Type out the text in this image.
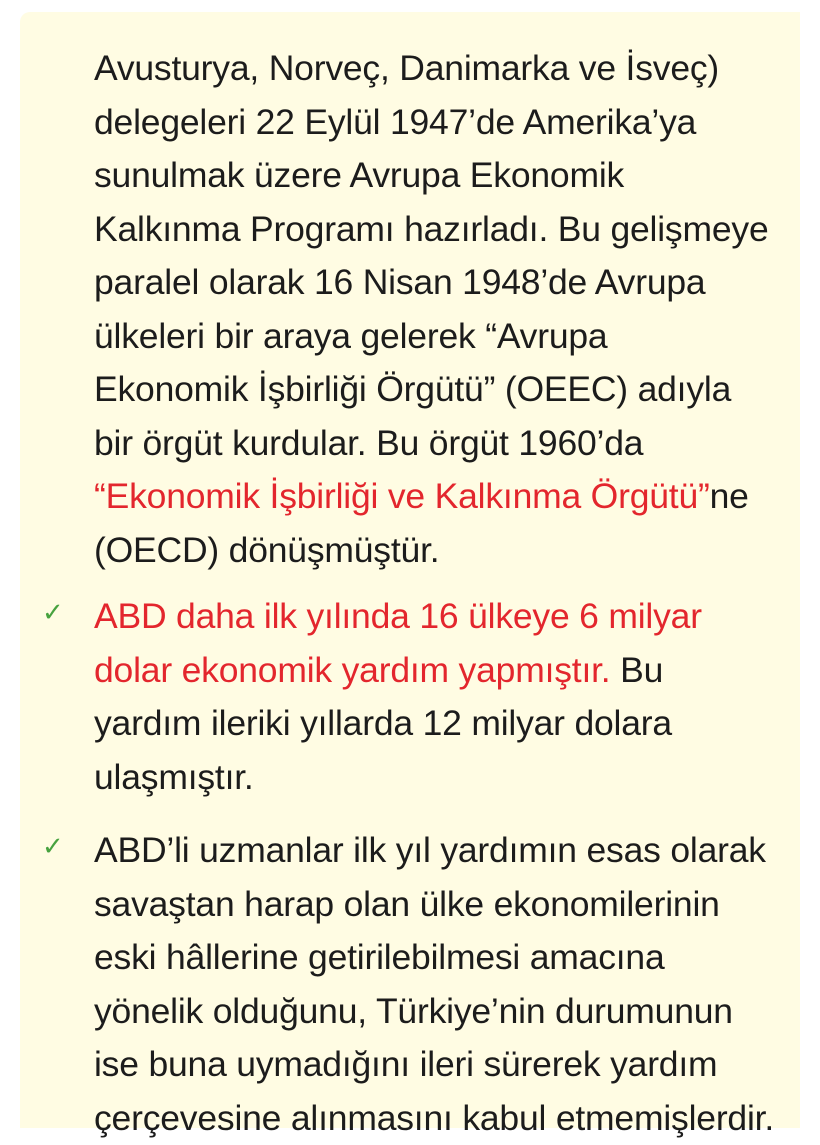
Avusturya, Norveç, Danimarka ve İsveç)
delegeleri 22 Eylül 1947’de Amerika’ya
sunulmak üzere Avrupa Ekonomik
Kalkınma Programı hazırladı. Bu gelişmeye
paralel olarak 16 Nisan 1948’de Avrupa
ülkeleri bir araya gelerek “Avrupa
Ekonomik İşbirliği Örgütü” (OEEC) adıyla
bir örgüt kurdular. Bu örgüt 1960’da
“Ekonomik İşbirliği ve Kalkınma Örgütü”ne
(OECD) dönüşmüştür.
✓ ABD daha ilk yılında 16 ülkeye 6 milyar
dolar ekonomik yardım yapmıştır. Bu
yardım ileriki yıllarda 12 milyar dolara
ulaşmıştır.
✓ ABD’li uzmanlar ilk yıl yardımın esas olarak
savaştan harap olan ülke ekonomilerinin
eski hâllerine getirilebilmesi amacına
yönelik olduğunu, Türkiye’nin durumunun
ise buna uymadığını ileri sürerek yardım
çerçevesine alınmasını kabul etmemişlerdir.
